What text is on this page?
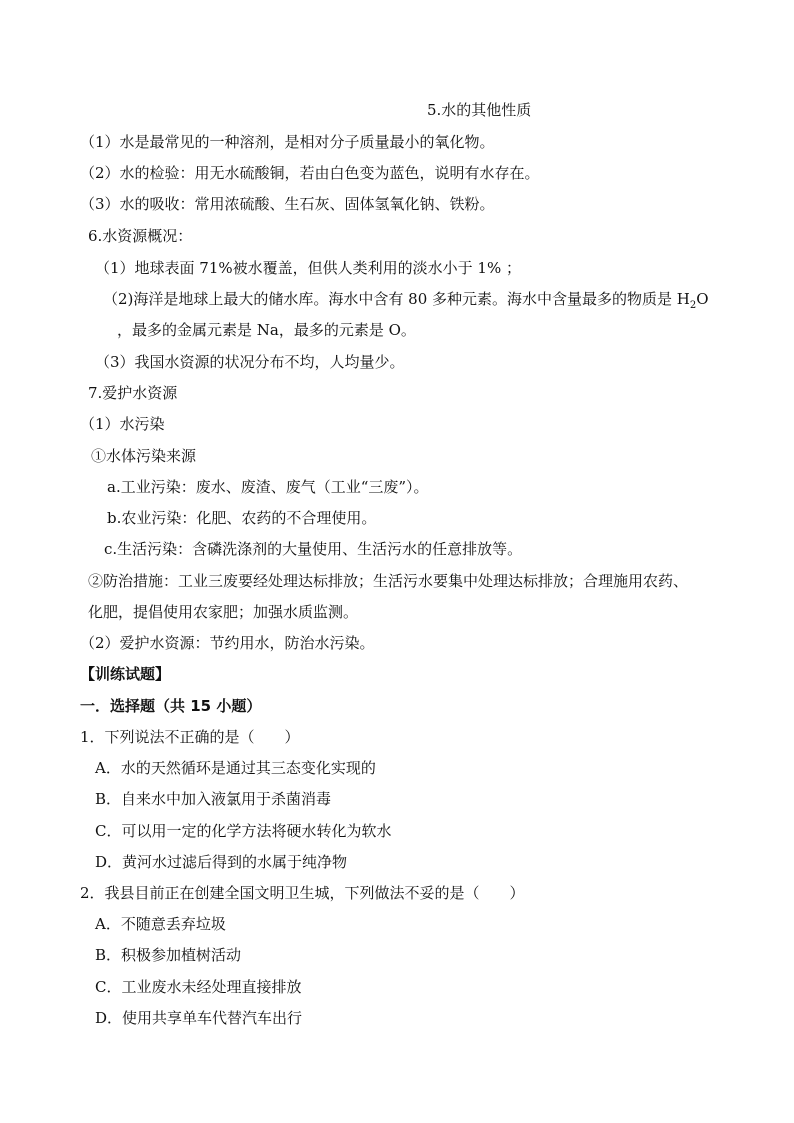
5.水的其他性质
（1）水是最常见的一种溶剂，是相对分子质量最小的氧化物。
（2）水的检验：用无水硫酸铜，若由白色变为蓝色，说明有水存在。
（3）水的吸收：常用浓硫酸、生石灰、固体氢氧化钠、铁粉。
6.水资源概况：
（1）地球表面 71%被水覆盖，但供人类利用的淡水小于 1% ；
（2)海洋是地球上最大的储水库。海水中含有 80 多种元素。海水中含量最多的物质是 $H_2O$
，最多的金属元素是 Na，最多的元素是 O。
（3）我国水资源的状况分布不均，人均量少。
7.爱护水资源
（1）水污染
①水体污染来源
a.工业污染：废水、废渣、废气（工业“三废”）。
b.农业污染：化肥、农药的不合理使用。
c.生活污染：含磷洗涤剂的大量使用、生活污水的任意排放等。
②防治措施：工业三废要经处理达标排放；生活污水要集中处理达标排放；合理施用农药、
化肥，提倡使用农家肥；加强水质监测。
（2）爱护水资源：节约用水，防治水污染。
【训练试题】
一．选择题（共 15 小题）
1．下列说法不正确的是（　　）
A．水的天然循环是通过其三态变化实现的
B．自来水中加入液氯用于杀菌消毒
C．可以用一定的化学方法将硬水转化为软水
D．黄河水过滤后得到的水属于纯净物
2．我县目前正在创建全国文明卫生城，下列做法不妥的是（　　）
A．不随意丢弃垃圾
B．积极参加植树活动
C．工业废水未经处理直接排放
D．使用共享单车代替汽车出行
